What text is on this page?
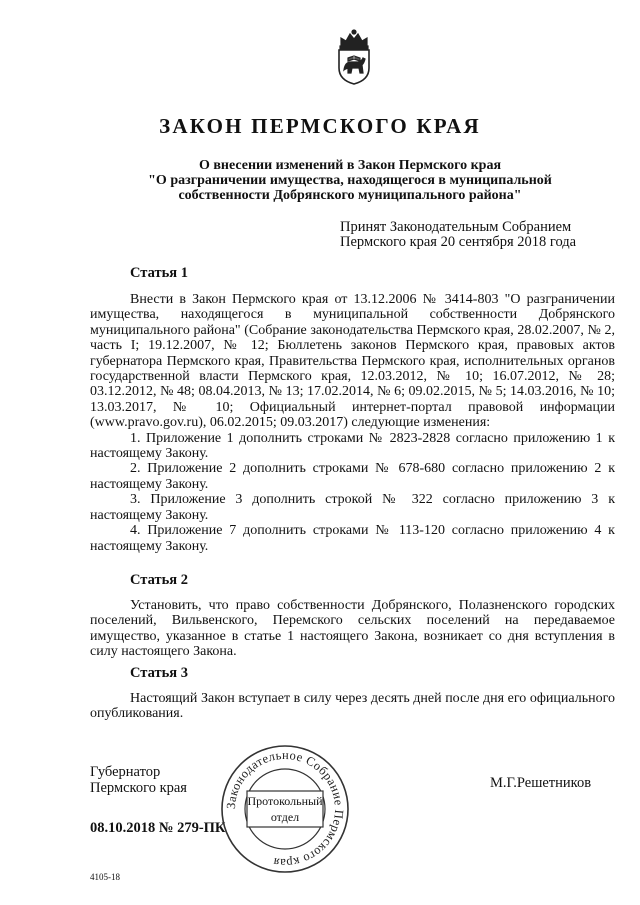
ЗАКОН ПЕРМСКОГО КРАЯ
О внесении изменений в Закон Пермского края
"О разграничении имущества, находящегося в муниципальной
собственности Добрянского муниципального района"
Принят Законодательным Собранием
Пермского края 20 сентября 2018 года
Статья 1

Внести в Закон Пермского края от 13.12.2006 № 3414-803 "О разграничении имущества, находящегося в муниципальной собственности Добрянского муниципального района" (Собрание законодательства Пермского края, 28.02.2007, № 2, часть I; 19.12.2007, № 12; Бюллетень законов Пермского края, правовых актов губернатора Пермского края, Правительства Пермского края, исполнительных органов государственной власти Пермского края, 12.03.2012, № 10; 16.07.2012, № 28; 03.12.2012, № 48; 08.04.2013, № 13; 17.02.2014, № 6; 09.02.2015, № 5; 14.03.2016, № 10; 13.03.2017, № 10; Официальный интернет-портал правовой информации (www.pravo.gov.ru), 06.02.2015; 09.03.2017) следующие изменения:

1. Приложение 1 дополнить строками № 2823-2828 согласно приложению 1 к настоящему Закону.

2. Приложение 2 дополнить строками № 678-680 согласно приложению 2 к настоящему Закону.

3. Приложение 3 дополнить строкой № 322 согласно приложению 3 к настоящему Закону.

4. Приложение 7 дополнить строками № 113-120 согласно приложению 4 к настоящему Закону.

Статья 2

Установить, что право собственности Добрянского, Полазненского городских поселений, Вильвенского, Перемского сельских поселений на передаваемое имущество, указанное в статье 1 настоящего Закона, возникает со дня вступления в силу настоящего Закона.

Статья 3

Настоящий Закон вступает в силу через десять дней после дня его официального опубликования.

Губернатор
Пермского края	М.Г.Решетников
08.10.2018 № 279-ПК
Законодательное Собрание Пермского края
Протокольный
отдел
4105-18
